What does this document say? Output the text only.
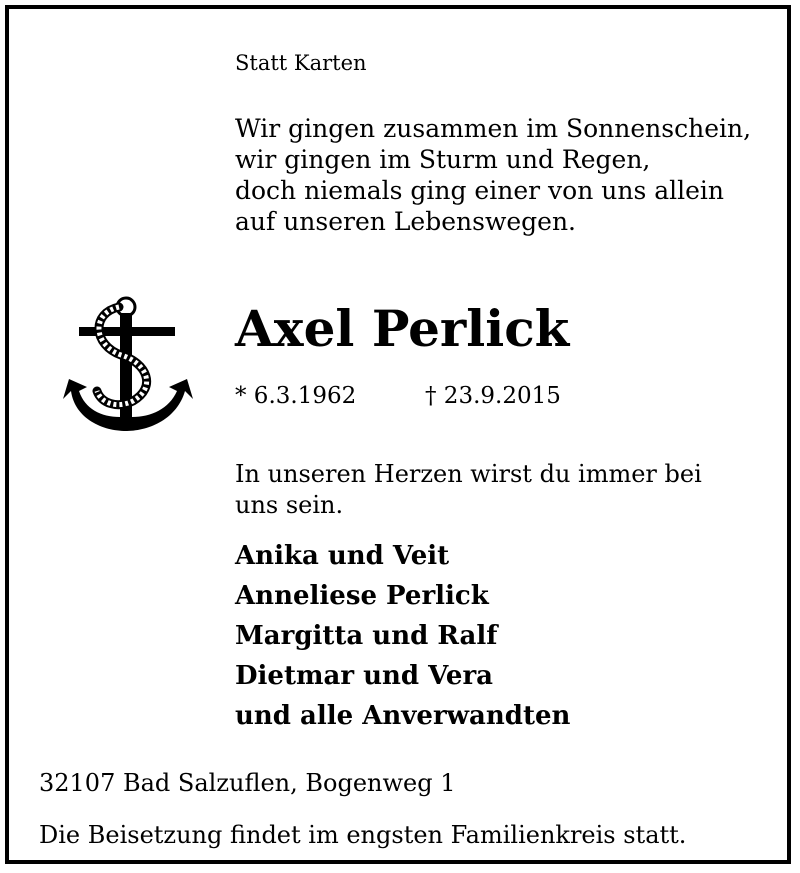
Statt Karten

Wir gingen zusammen im Sonnenschein,
wir gingen im Sturm und Regen,
doch niemals ging einer von uns allein
auf unseren Lebenswegen.

Axel Perlick

* 6.3.1962	† 23.9.2015

In unseren Herzen wirst du immer bei
uns sein.
Anika und Veit
Anneliese Perlick
Margitta und Ralf
Dietmar und Vera
und alle Anverwandten

32107 Bad Salzuflen, Bogenweg 1

Die Beisetzung findet im engsten Familienkreis statt.
